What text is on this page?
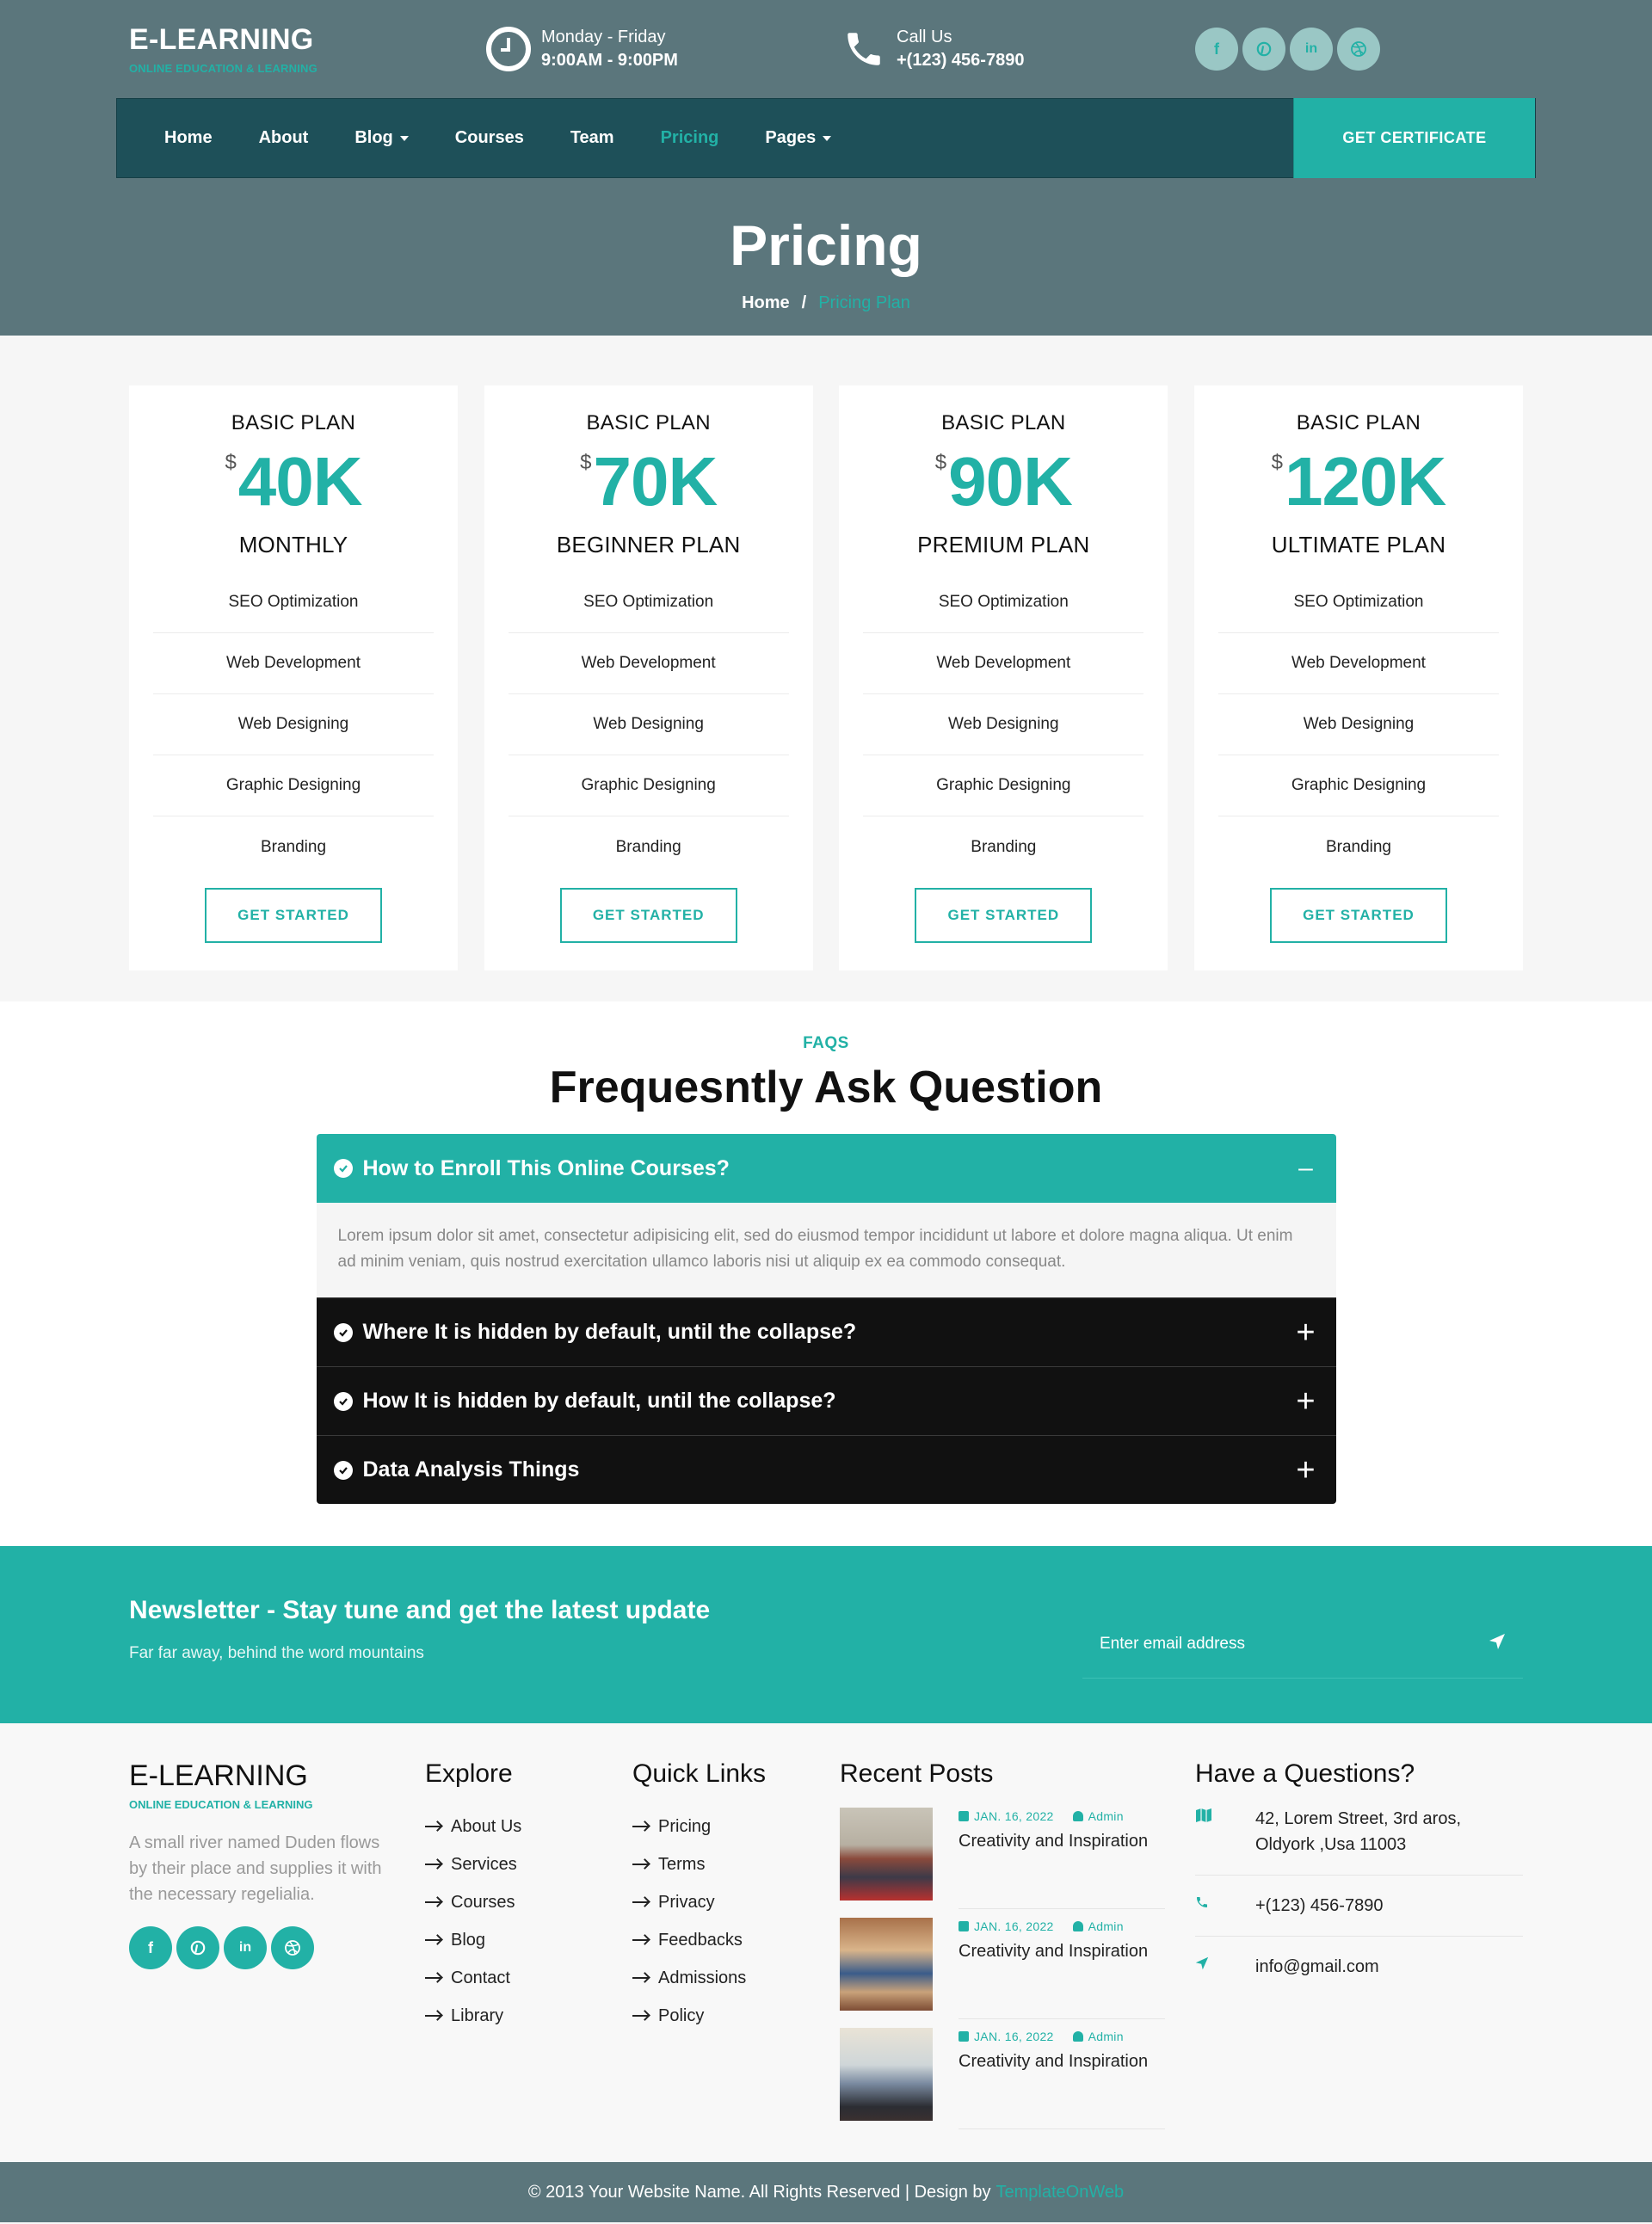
E-LEARNING
ONLINE EDUCATION & LEARNING
Monday - Friday
9:00AM - 9:00PM
Call Us
+(123) 456-7890
f	in
Home	About	Blog	Courses	Team	Pricing	Pages	GET CERTIFICATE
Pricing
Home / Pricing Plan
BASIC PLAN
$ 40K
MONTHLY
SEO Optimization
Web Development
Web Designing
Graphic Designing
Branding
GET STARTED
BASIC PLAN
$ 70K
BEGINNER PLAN
SEO Optimization
Web Development
Web Designing
Graphic Designing
Branding
GET STARTED
BASIC PLAN
$ 90K
PREMIUM PLAN
SEO Optimization
Web Development
Web Designing
Graphic Designing
Branding
GET STARTED
BASIC PLAN
$ 120K
ULTIMATE PLAN
SEO Optimization
Web Development
Web Designing
Graphic Designing
Branding
GET STARTED
FAQS
Frequesntly Ask Question
How to Enroll This Online Courses?	–
Lorem ipsum dolor sit amet, consectetur adipisicing elit, sed do eiusmod tempor incididunt ut labore et dolore magna aliqua. Ut enim ad minim veniam, quis nostrud exercitation ullamco laboris nisi ut aliquip ex ea commodo consequat.
Where It is hidden by default, until the collapse?	+
How It is hidden by default, until the collapse?	+
Data Analysis Things	+
Newsletter - Stay tune and get the latest update
Far far away, behind the word mountains
Enter email address
E-LEARNING
ONLINE EDUCATION & LEARNING
A small river named Duden flows by their place and supplies it with the necessary regelialia.
f	in
Explore
About Us
Services
Courses
Blog
Contact
Library
Quick Links
Pricing
Terms
Privacy
Feedbacks
Admissions
Policy
Recent Posts
JAN. 16, 2022	Admin
Creativity and Inspiration
JAN. 16, 2022	Admin
Creativity and Inspiration
JAN. 16, 2022	Admin
Creativity and Inspiration
Have a Questions?
42, Lorem Street, 3rd aros, Oldyork ,Usa 11003
+(123) 456-7890
info@gmail.com
© 2013 Your Website Name. All Rights Reserved | Design by TemplateOnWeb
